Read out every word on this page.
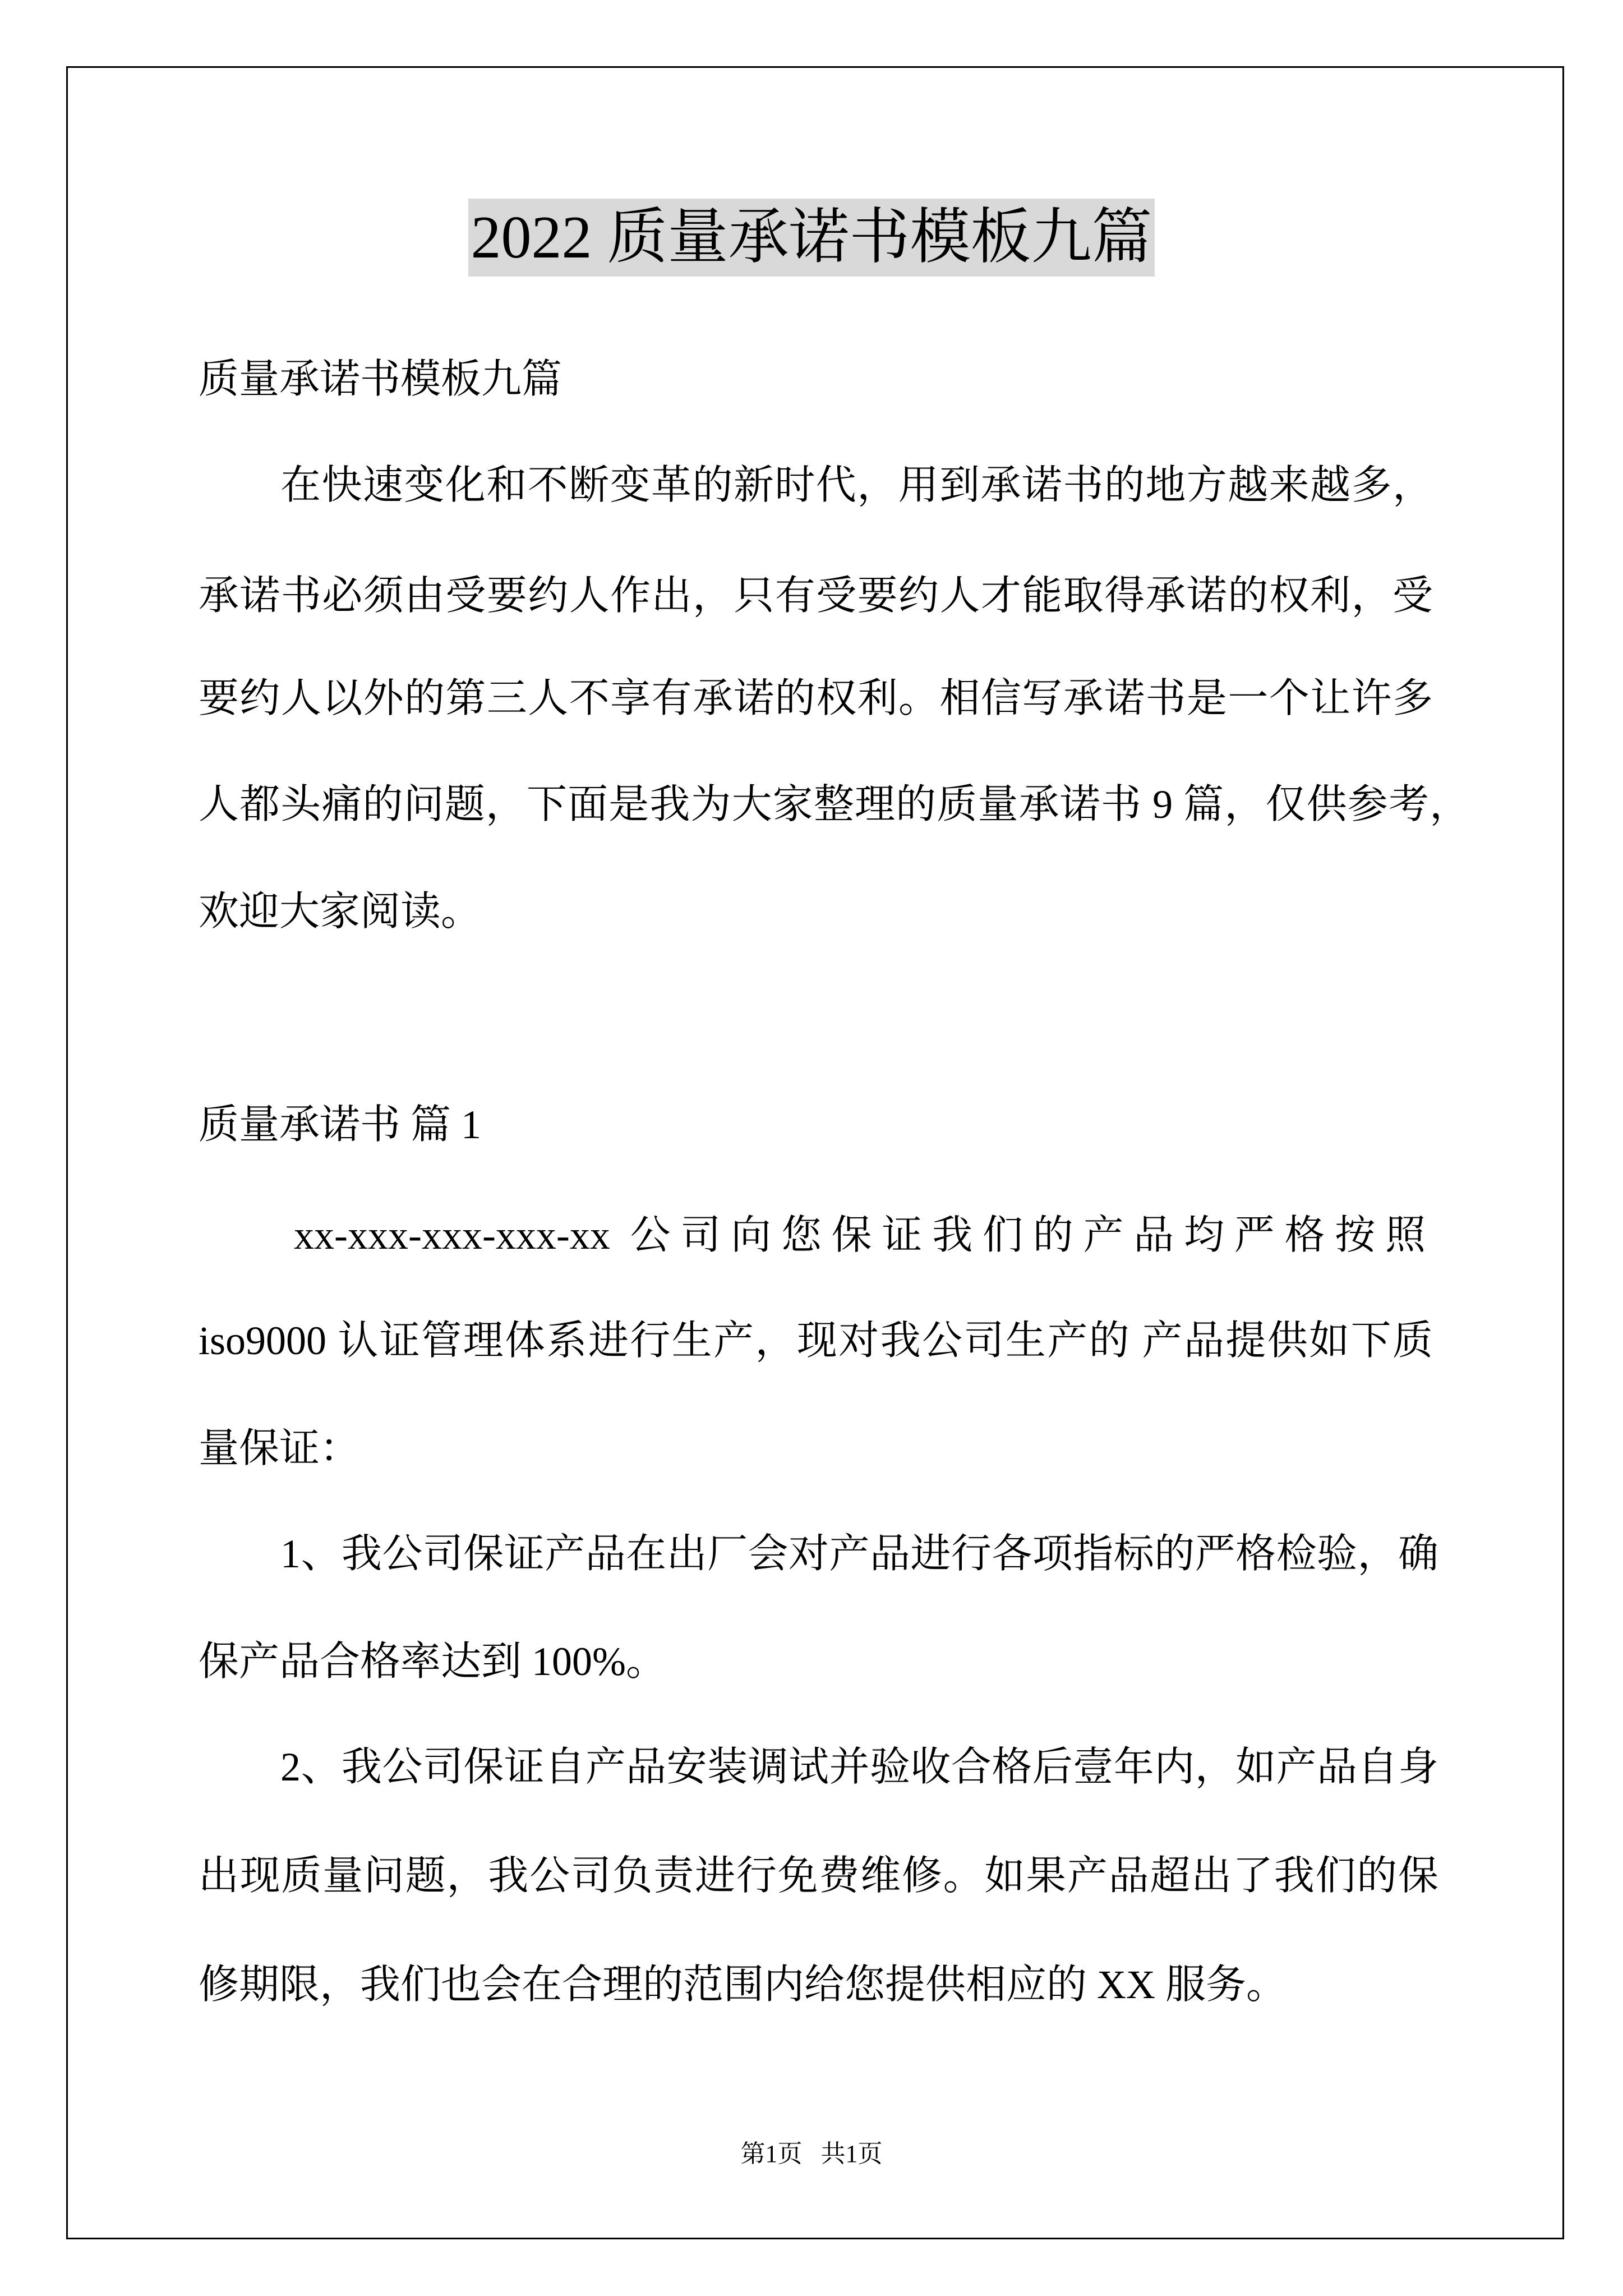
2022 质量承诺书模板九篇
质量承诺书模板九篇
在快速变化和不断变革的新时代，用到承诺书的地方越来越多，
承诺书必须由受要约人作出，只有受要约人才能取得承诺的权利，受
要约人以外的第三人不享有承诺的权利。相信写承诺书是一个让许多
人都头痛的问题，下面是我为大家整理的质量承诺书 9 篇，仅供参考，
欢迎大家阅读。
质量承诺书 篇 1
xx-xxx-xxx-xxx-xx 公司向您保证我们的产品均严格按照
iso9000 认证管理体系进行生产，现对我公司生产的 产品提供如下质
量保证：
1、我公司保证产品在出厂会对产品进行各项指标的严格检验，确
保产品合格率达到 100%。
2、我公司保证自产品安装调试并验收合格后壹年内，如产品自身
出现质量问题，我公司负责进行免费维修。如果产品超出了我们的保
修期限，我们也会在合理的范围内给您提供相应的 XX 服务。
第1页   共1页
